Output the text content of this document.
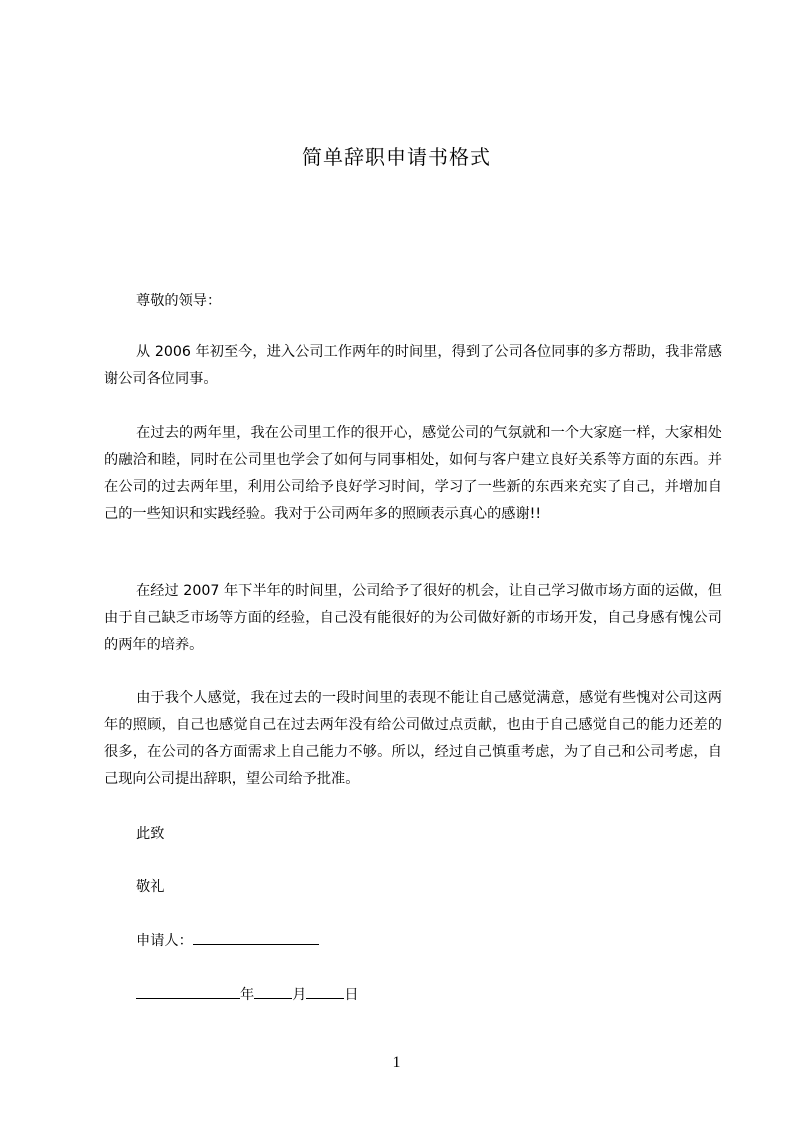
简单辞职申请书格式
尊敬的领导：
从 2006 年初至今，进入公司工作两年的时间里，得到了公司各位同事的多方帮助，我非常感谢公司各位同事。
在过去的两年里，我在公司里工作的很开心，感觉公司的气氛就和一个大家庭一样，大家相处的融洽和睦，同时在公司里也学会了如何与同事相处，如何与客户建立良好关系等方面的东西。并在公司的过去两年里，利用公司给予良好学习时间，学习了一些新的东西来充实了自己，并增加自己的一些知识和实践经验。我对于公司两年多的照顾表示真心的感谢!!
在经过 2007 年下半年的时间里，公司给予了很好的机会，让自己学习做市场方面的运做，但由于自己缺乏市场等方面的经验，自己没有能很好的为公司做好新的市场开发，自己身感有愧公司的两年的培养。
由于我个人感觉，我在过去的一段时间里的表现不能让自己感觉满意，感觉有些愧对公司这两年的照顾，自己也感觉自己在过去两年没有给公司做过点贡献，也由于自己感觉自己的能力还差的很多，在公司的各方面需求上自己能力不够。所以，经过自己慎重考虑，为了自己和公司考虑，自己现向公司提出辞职，望公司给予批准。
此致
敬礼
申请人：
年	月	日
1
